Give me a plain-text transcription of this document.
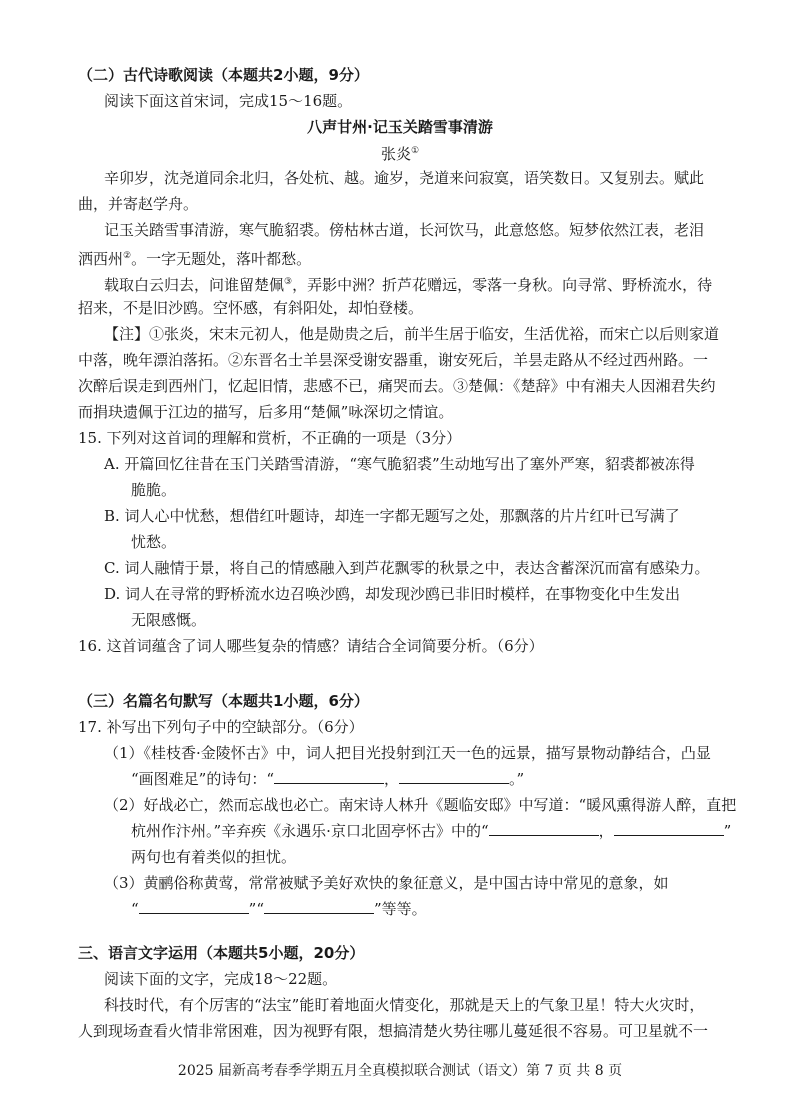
（二）古代诗歌阅读（本题共2小题，9分）
阅读下面这首宋词，完成15～16题。
八声甘州·记玉关踏雪事清游
张炎①
辛卯岁，沈尧道同余北归，各处杭、越。逾岁，尧道来问寂寞，语笑数日。又复别去。赋此
曲，并寄赵学舟。
记玉关踏雪事清游，寒气脆貂裘。傍枯林古道，长河饮马，此意悠悠。短梦依然江表，老泪
洒西州②。一字无题处，落叶都愁。
载取白云归去，问谁留楚佩③，弄影中洲？折芦花赠远，零落一身秋。向寻常、野桥流水，待
招来，不是旧沙鸥。空怀感，有斜阳处，却怕登楼。
【注】①张炎，宋末元初人，他是勋贵之后，前半生居于临安，生活优裕，而宋亡以后则家道
中落，晚年漂泊落拓。②东晋名士羊昙深受谢安器重，谢安死后，羊昙走路从不经过西州路。一
次醉后误走到西州门，忆起旧情，悲感不已，痛哭而去。③楚佩：《楚辞》中有湘夫人因湘君失约
而捐玦遗佩于江边的描写，后多用“楚佩”咏深切之情谊。
15. 下列对这首词的理解和赏析，不正确的一项是（3分）
A. 开篇回忆往昔在玉门关踏雪清游，“寒气脆貂裘”生动地写出了塞外严寒，貂裘都被冻得
脆脆。
B. 词人心中忧愁，想借红叶题诗，却连一字都无题写之处，那飘落的片片红叶已写满了
忧愁。
C. 词人融情于景，将自己的情感融入到芦花飘零的秋景之中，表达含蓄深沉而富有感染力。
D. 词人在寻常的野桥流水边召唤沙鸥，却发现沙鸥已非旧时模样，在事物变化中生发出
无限感慨。
16. 这首词蕴含了词人哪些复杂的情感？请结合全词简要分析。（6分）
（三）名篇名句默写（本题共1小题，6分）
17. 补写出下列句子中的空缺部分。（6分）
（1）《桂枝香·金陵怀古》中，词人把目光投射到江天一色的远景，描写景物动静结合，凸显
“画图难足”的诗句：“	，	。”
（2）好战必亡，然而忘战也必亡。南宋诗人林升《题临安邸》中写道：“暖风熏得游人醉，直把
杭州作汴州。”辛弃疾《永遇乐·京口北固亭怀古》中的“	，	”
两句也有着类似的担忧。
（3）黄鹂俗称黄莺，常常被赋予美好欢快的象征意义，是中国古诗中常见的意象，如
“	”“	”等等。
三、语言文字运用（本题共5小题，20分）
阅读下面的文字，完成18～22题。
科技时代，有个厉害的“法宝”能盯着地面火情变化，那就是天上的气象卫星！特大火灾时，
人到现场查看火情非常困难，因为视野有限，想搞清楚火势往哪儿蔓延很不容易。可卫星就不一
2025 届新高考春季学期五月全真模拟联合测试（语文）第 7 页 共 8 页
